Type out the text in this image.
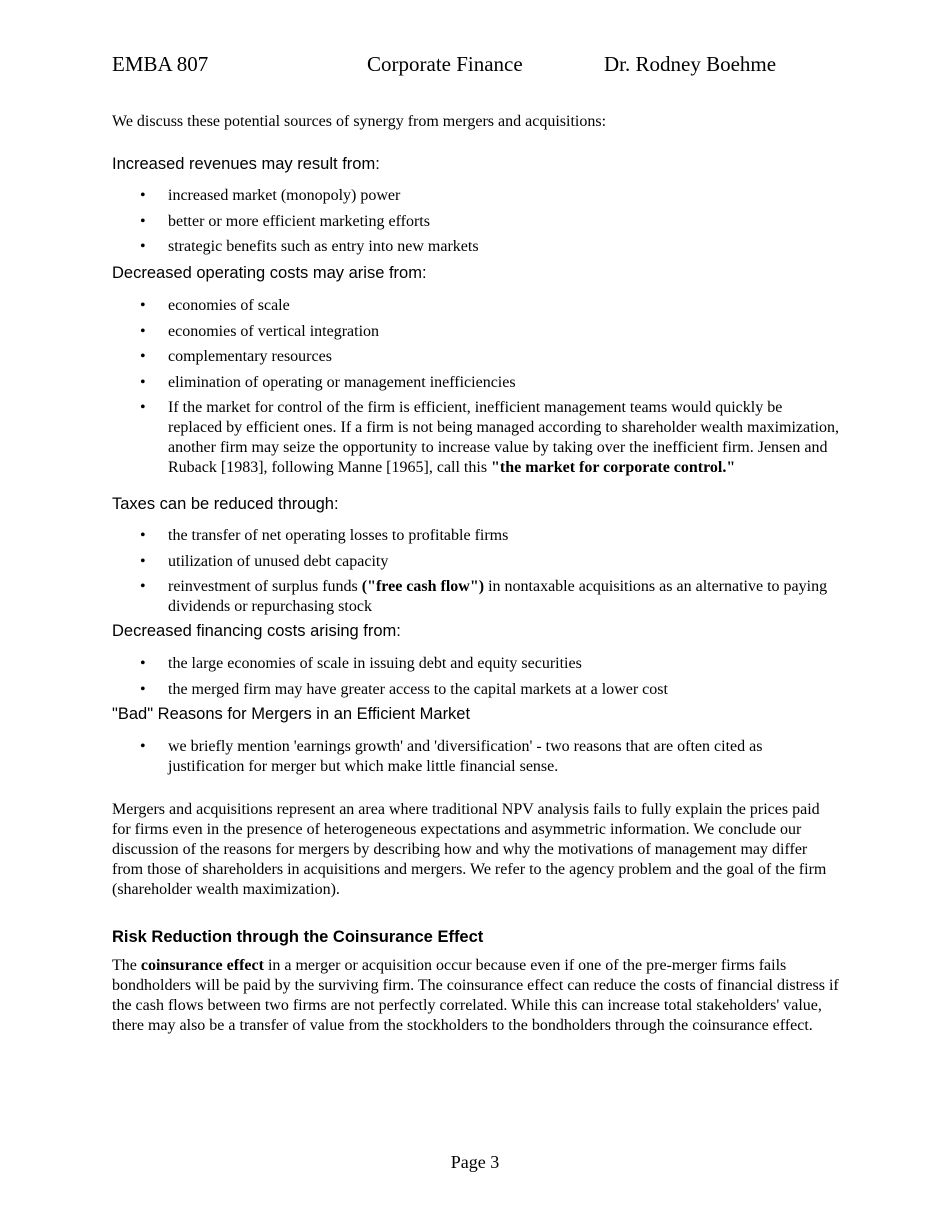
EMBA 807	Corporate Finance	Dr. Rodney Boehme

We discuss these potential sources of synergy from mergers and acquisitions:

Increased revenues may result from:
• increased market (monopoly) power
• better or more efficient marketing efforts
• strategic benefits such as entry into new markets
Decreased operating costs may arise from:
• economies of scale
• economies of vertical integration
• complementary resources
• elimination of operating or management inefficiencies
• If the market for control of the firm is efficient, inefficient management teams would quickly be replaced by efficient ones. If a firm is not being managed according to shareholder wealth maximization, another firm may seize the opportunity to increase value by taking over the inefficient firm. Jensen and Ruback [1983], following Manne [1965], call this "the market for corporate control."
Taxes can be reduced through:
• the transfer of net operating losses to profitable firms
• utilization of unused debt capacity
• reinvestment of surplus funds ("free cash flow") in nontaxable acquisitions as an alternative to paying dividends or repurchasing stock
Decreased financing costs arising from:
• the large economies of scale in issuing debt and equity securities
• the merged firm may have greater access to the capital markets at a lower cost
"Bad" Reasons for Mergers in an Efficient Market
• we briefly mention 'earnings growth' and 'diversification' - two reasons that are often cited as justification for merger but which make little financial sense.

Mergers and acquisitions represent an area where traditional NPV analysis fails to fully explain the prices paid for firms even in the presence of heterogeneous expectations and asymmetric information. We conclude our discussion of the reasons for mergers by describing how and why the motivations of management may differ from those of shareholders in acquisitions and mergers. We refer to the agency problem and the goal of the firm (shareholder wealth maximization).

Risk Reduction through the Coinsurance Effect

The coinsurance effect in a merger or acquisition occur because even if one of the pre-merger firms fails bondholders will be paid by the surviving firm. The coinsurance effect can reduce the costs of financial distress if the cash flows between two firms are not perfectly correlated. While this can increase total stakeholders' value, there may also be a transfer of value from the stockholders to the bondholders through the coinsurance effect.

Page 3
